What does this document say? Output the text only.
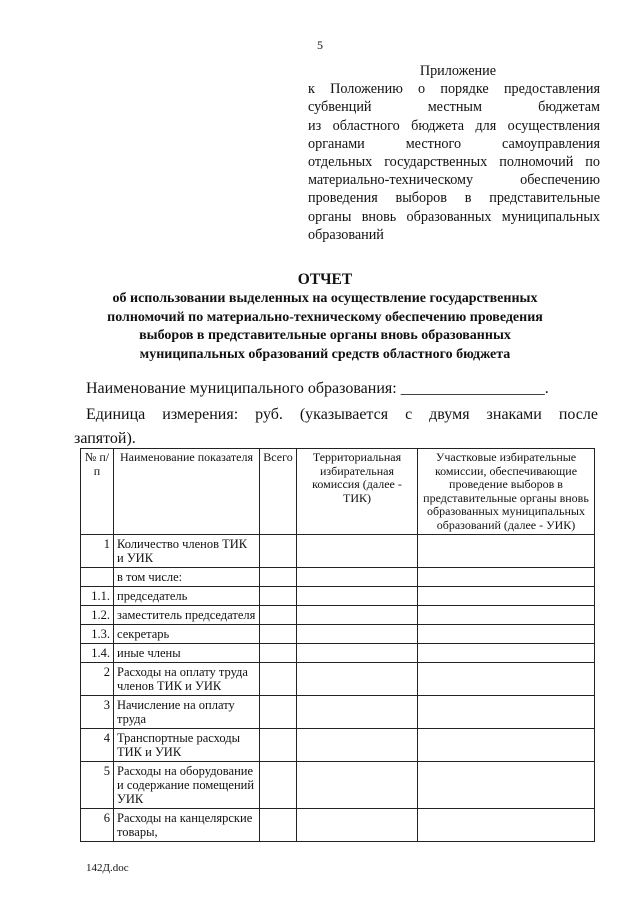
5
Приложение
к Положению о порядке предоставления
субвенций местным бюджетам
из областного бюджета для осуществления
органами местного самоуправления
отдельных государственных полномочий по
материально-техническому обеспечению
проведения выборов в представительные
органы вновь образованных муниципальных
образований
ОТЧЕТ
об использовании выделенных на осуществление государственных
полномочий по материально-техническому обеспечению проведения
выборов в представительные органы вновь образованных
муниципальных образований средств областного бюджета
Наименование муниципального образования: __________________.
Единица измерения: руб. (указывается с двумя знаками после
запятой).
№ п/п	Наименование показателя	Всего	Территориальная избирательная комиссия (далее - ТИК)	Участковые избирательные комиссии, обеспечивающие проведение выборов в представительные органы вновь образованных муниципальных образований (далее - УИК)
1	Количество членов ТИК и УИК			
	в том числе:			
1.1.	председатель			
1.2.	заместитель председателя			
1.3.	секретарь			
1.4.	иные члены			
2	Расходы на оплату труда членов ТИК и УИК			
3	Начисление на оплату труда			
4	Транспортные расходы ТИК и УИК			
5	Расходы на оборудование и содержание помещений УИК			
6	Расходы на канцелярские товары,			
142Д.doc
